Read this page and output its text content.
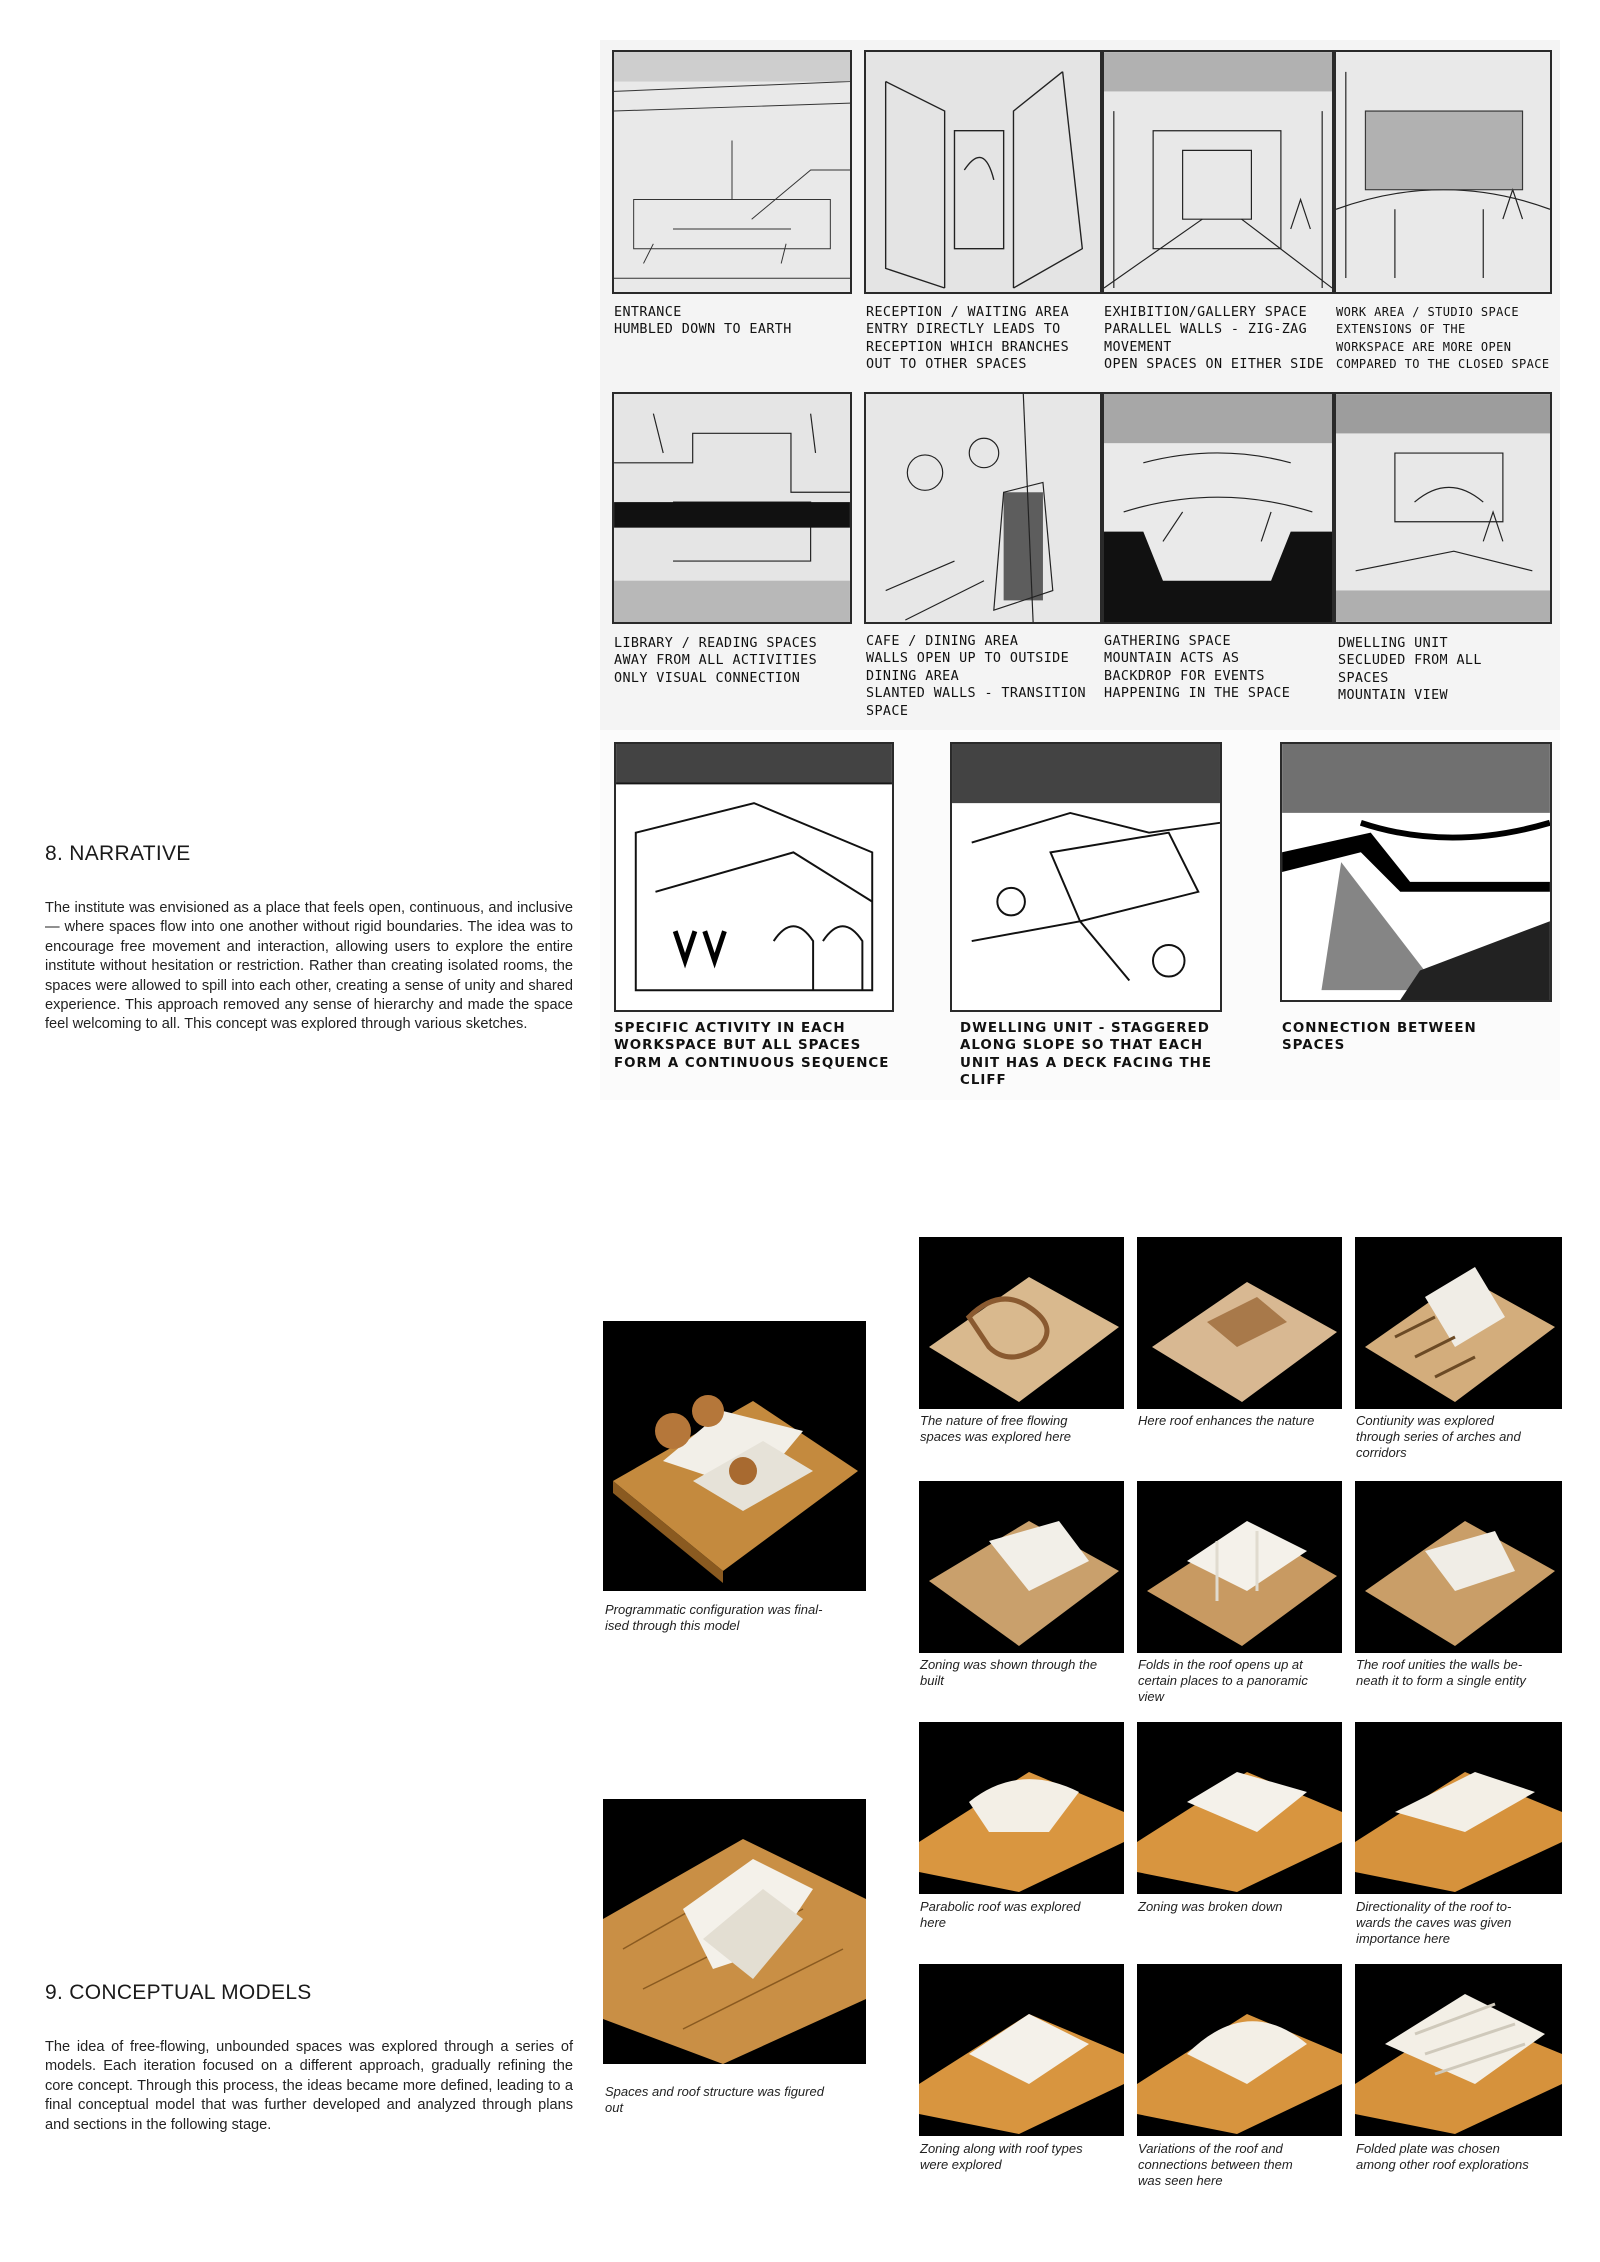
8. NARRATIVE

The institute was envisioned as a place that feels open, continuous, and inclusive — where spaces flow into one another without rigid boundaries. The idea was to encourage free movement and interaction, allowing users to explore the entire institute without hesitation or restriction. Rather than creating isolated rooms, the spaces were allowed to spill into each other, creating a sense of unity and shared experience. This approach removed any sense of hierarchy and made the space feel welcoming to all. This concept was explored through various sketches.

ENTRANCE
HUMBLED DOWN TO EARTH
RECEPTION / WAITING AREA
ENTRY DIRECTLY LEADS TO
RECEPTION WHICH BRANCHES
OUT TO OTHER SPACES
EXHIBITION/GALLERY SPACE
PARALLEL WALLS - ZIG-ZAG
MOVEMENT
OPEN SPACES ON EITHER SIDE
WORK AREA / STUDIO SPACE
EXTENSIONS OF THE
WORKSPACE ARE MORE OPEN
COMPARED TO THE CLOSED SPACE
LIBRARY / READING SPACES
AWAY FROM ALL ACTIVITIES
ONLY VISUAL CONNECTION
CAFE / DINING AREA
WALLS OPEN UP TO OUTSIDE
DINING AREA
SLANTED WALLS - TRANSITION
SPACE
GATHERING SPACE
MOUNTAIN ACTS AS
BACKDROP FOR EVENTS
HAPPENING IN THE SPACE
DWELLING UNIT
SECLUDED FROM ALL
SPACES
MOUNTAIN VIEW
SPECIFIC ACTIVITY IN EACH
WORKSPACE BUT ALL SPACES
FORM A CONTINUOUS SEQUENCE
DWELLING UNIT - STAGGERED
ALONG SLOPE SO THAT EACH
UNIT HAS A DECK FACING THE
CLIFF
CONNECTION BETWEEN
SPACES
9. CONCEPTUAL MODELS

The idea of free-flowing, unbounded spaces was explored through a series of models. Each iteration focused on a different approach, gradually refining the core concept. Through this process, the ideas became more defined, leading to a final conceptual model that was further developed and analyzed through plans and sections in the following stage.

Programmatic configuration was final-
ised through this model
Spaces and roof structure was figured
out
The nature of free flowing
spaces was explored here
Here roof enhances the nature	Contiunity was explored
through series of arches and
corridors
Zoning was shown through the
built
Folds in the roof opens up at
certain places to a panoramic
view
The roof unities the walls be-
neath it to form a single entity
Parabolic roof was explored
here
Zoning was broken down	Directionality of the roof to-
wards the caves was given
importance here
Zoning along with roof types
were explored
Variations of the roof and
connections between them
was seen here
Folded plate was chosen
among other roof explorations
